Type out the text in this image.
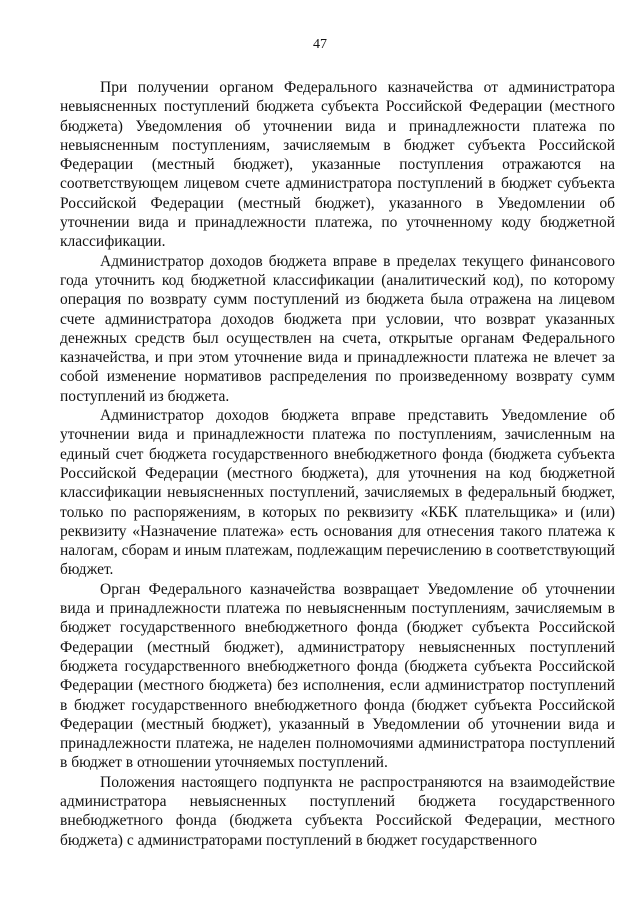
47

При получении органом Федерального казначейства от администратора невыясненных поступлений бюджета субъекта Российской Федерации (местного бюджета) Уведомления об уточнении вида и принадлежности платежа по невыясненным поступлениям, зачисляемым в бюджет субъекта Российской Федерации (местный бюджет), указанные поступления отражаются на соответствующем лицевом счете администратора поступлений в бюджет субъекта Российской Федерации (местный бюджет), указанного в Уведомлении об уточнении вида и принадлежности платежа, по уточненному коду бюджетной классификации.

Администратор доходов бюджета вправе в пределах текущего финансового года уточнить код бюджетной классификации (аналитический код), по которому операция по возврату сумм поступлений из бюджета была отражена на лицевом счете администратора доходов бюджета при условии, что возврат указанных денежных средств был осуществлен на счета, открытые органам Федерального казначейства, и при этом уточнение вида и принадлежности платежа не влечет за собой изменение нормативов распределения по произведенному возврату сумм поступлений из бюджета.

Администратор доходов бюджета вправе представить Уведомление об уточнении вида и принадлежности платежа по поступлениям, зачисленным на единый счет бюджета государственного внебюджетного фонда (бюджета субъекта Российской Федерации (местного бюджета), для уточнения на код бюджетной классификации невыясненных поступлений, зачисляемых в федеральный бюджет, только по распоряжениям, в которых по реквизиту «КБК плательщика» и (или) реквизиту «Назначение платежа» есть основания для отнесения такого платежа к налогам, сборам и иным платежам, подлежащим перечислению в соответствующий бюджет.

Орган Федерального казначейства возвращает Уведомление об уточнении вида и принадлежности платежа по невыясненным поступлениям, зачисляемым в бюджет государственного внебюджетного фонда (бюджет субъекта Российской Федерации (местный бюджет), администратору невыясненных поступлений бюджета государственного внебюджетного фонда (бюджета субъекта Российской Федерации (местного бюджета) без исполнения, если администратор поступлений в бюджет государственного внебюджетного фонда (бюджет субъекта Российской Федерации (местный бюджет), указанный в Уведомлении об уточнении вида и принадлежности платежа, не наделен полномочиями администратора поступлений в бюджет в отношении уточняемых поступлений.

Положения настоящего подпункта не распространяются на взаимодействие администратора невыясненных поступлений бюджета государственного внебюджетного фонда (бюджета субъекта Российской Федерации, местного бюджета) с администраторами поступлений в бюджет государственного
